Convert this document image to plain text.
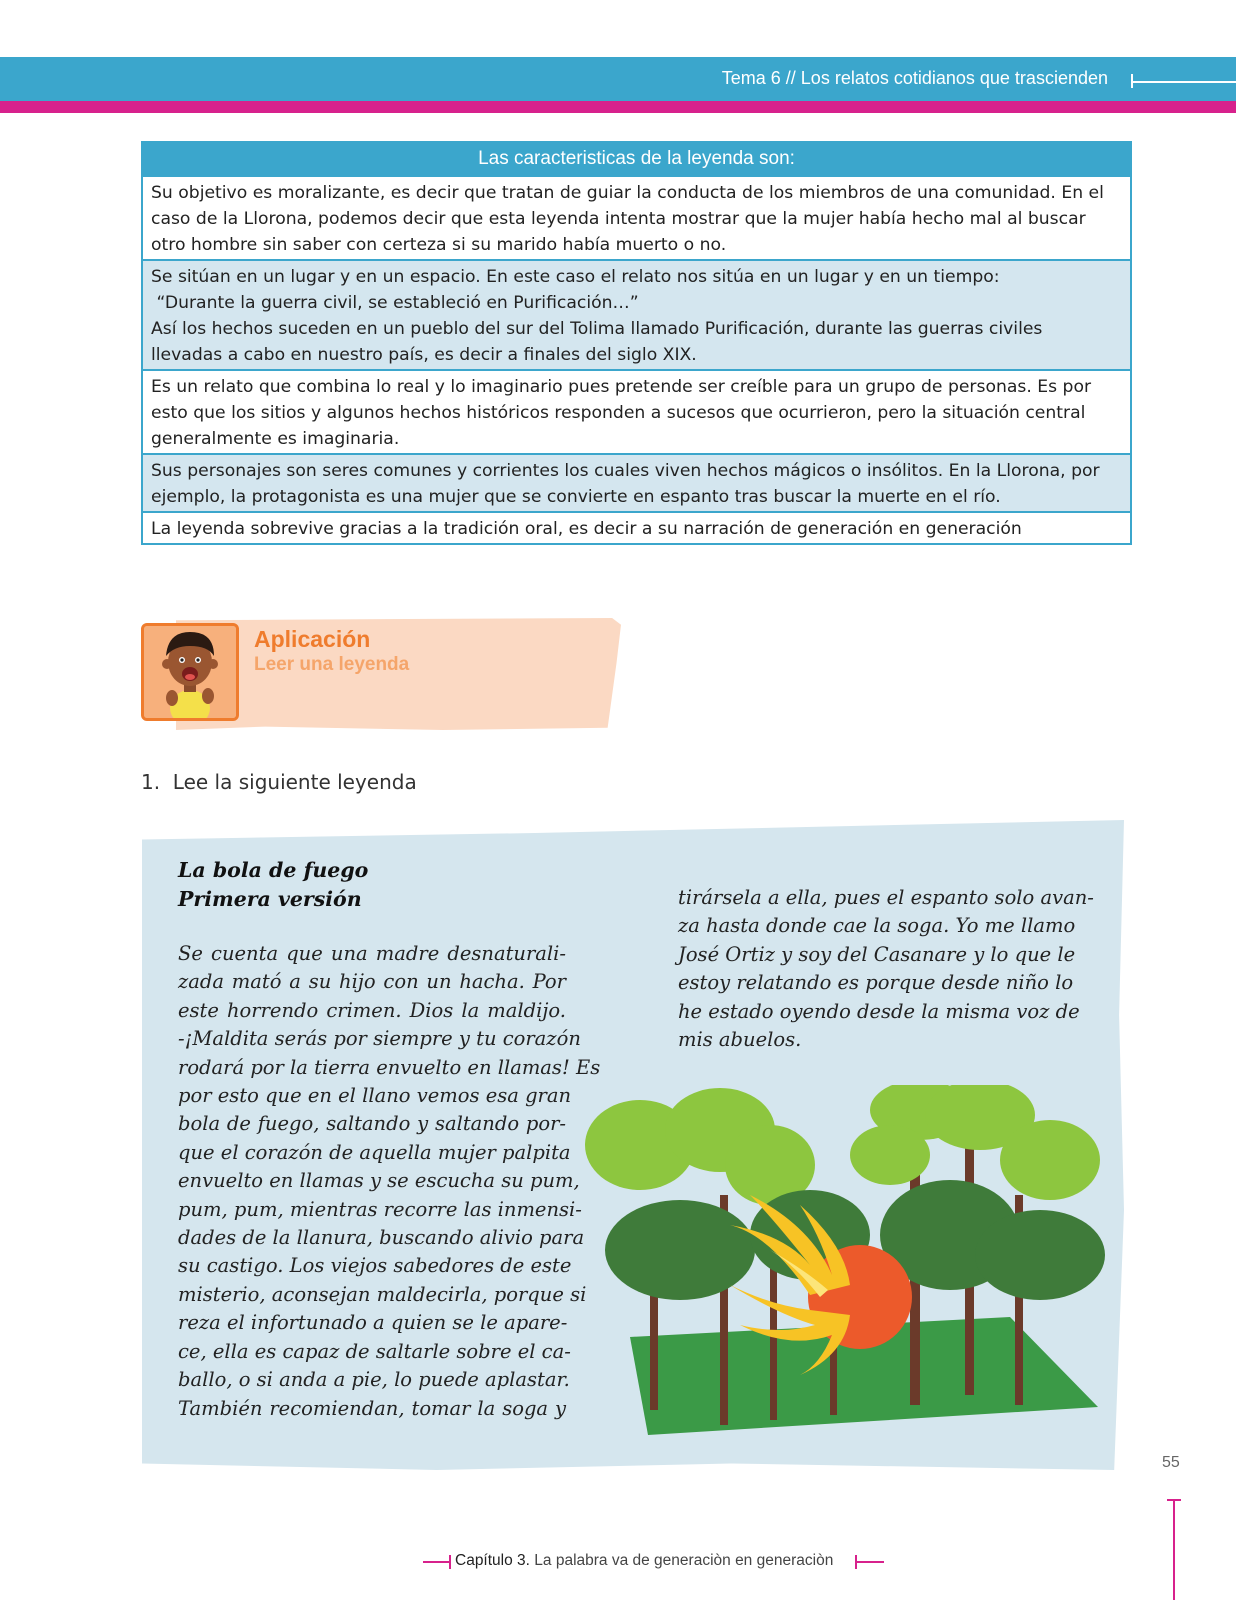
Tema 6 // Los relatos cotidianos que trascienden
Las caracteristicas de la leyenda son:
Su objetivo es moralizante, es decir que tratan de guiar la conducta de los miembros de una comunidad. En el
caso de la Llorona, podemos decir que esta leyenda intenta mostrar que la mujer había hecho mal al buscar
otro hombre sin saber con certeza si su marido había muerto o no.
Se sitúan en un lugar y en un espacio. En este caso el relato nos sitúa en un lugar y en un tiempo:
“Durante la guerra civil, se estableció en Purificación…”
Así los hechos suceden en un pueblo del sur del Tolima llamado Purificación, durante las guerras civiles
llevadas a cabo en nuestro país, es decir a finales del siglo XIX.
Es un relato que combina lo real y lo imaginario pues pretende ser creíble para un grupo de personas. Es por
esto que los sitios y algunos hechos históricos responden a sucesos que ocurrieron, pero la situación central
generalmente es imaginaria.
Sus personajes son seres comunes y corrientes los cuales viven hechos mágicos o insólitos. En la Llorona, por
ejemplo, la protagonista es una mujer que se convierte en espanto tras buscar la muerte en el río.
La leyenda sobrevive gracias a la tradición oral, es decir a su narración de generación en generación
Aplicación
Leer una leyenda
1.  Lee la siguiente leyenda
La bola de fuego
Primera versión
Se cuenta que una madre desnaturali-
zada mató a su hijo con un hacha. Por
este horrendo crimen. Dios la maldijo.
-¡Maldita serás por siempre y tu corazón
rodará por la tierra envuelto en llamas! Es
por esto que en el llano vemos esa gran
bola de fuego, saltando y saltando por-
que el corazón de aquella mujer palpita
envuelto en llamas y se escucha su pum,
pum, pum, mientras recorre las inmensi-
dades de la llanura, buscando alivio para
su castigo. Los viejos sabedores de este
misterio, aconsejan maldecirla, porque si
reza el infortunado a quien se le apare-
ce, ella es capaz de saltarle sobre el ca-
ballo, o si anda a pie, lo puede aplastar.
También recomiendan, tomar la soga y
tirársela a ella, pues el espanto solo avan-
za hasta donde cae la soga. Yo me llamo
José Ortiz y soy del Casanare y lo que le
estoy relatando es porque desde niño lo
he estado oyendo desde la misma voz de
mis abuelos.
55
Capítulo 3. La palabra va de generaciòn en generaciòn
